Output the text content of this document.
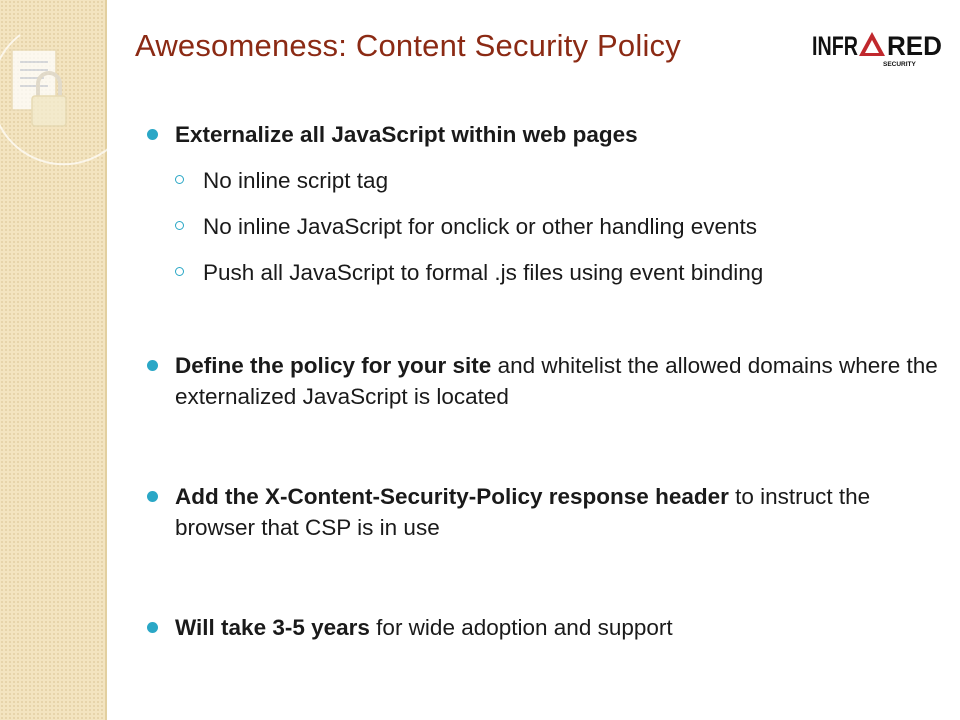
Awesomeness: Content Security Policy	INFR RED
SECURITY
Externalize all JavaScript within web pages
No inline script tag
No inline JavaScript for onclick or other handling events
Push all JavaScript to formal .js files using event binding
Define the policy for your site and whitelist the allowed domains where the externalized JavaScript is located
Add the X-Content-Security-Policy response header to instruct the browser that CSP is in use
Will take 3-5 years for wide adoption and support
